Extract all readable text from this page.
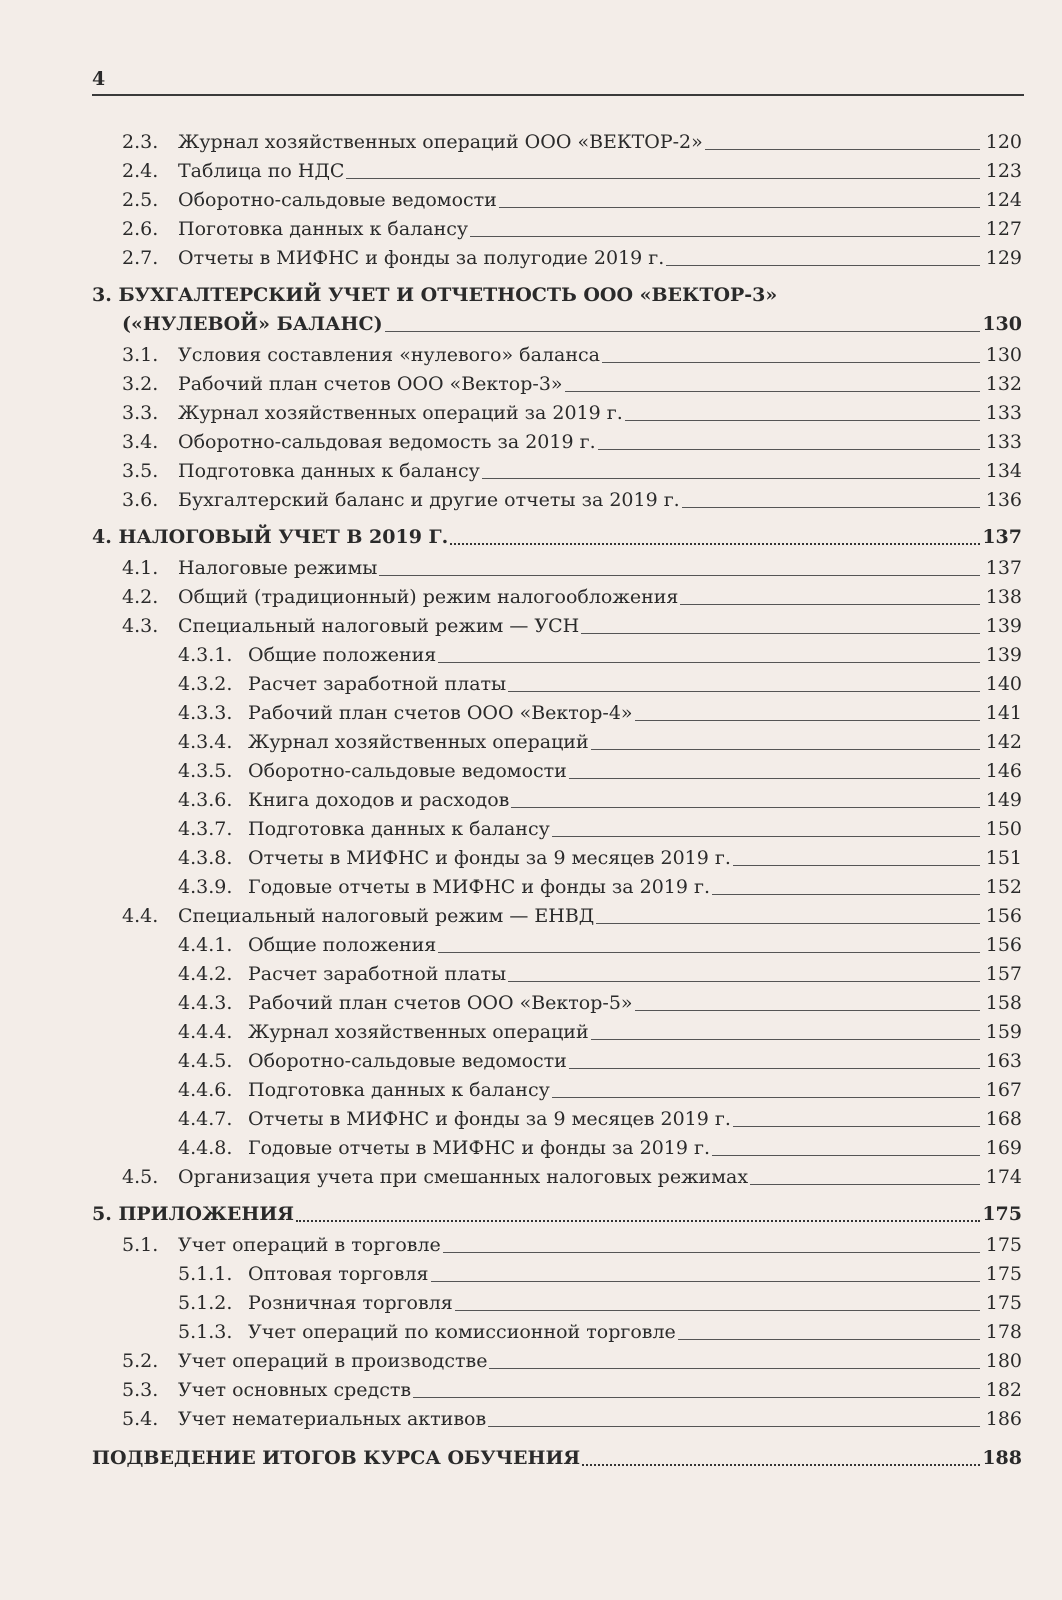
4
2.3.	Журнал хозяйственных операций ООО «ВЕКТОР-2»	120
2.4.	Таблица по НДС	123
2.5.	Оборотно-сальдовые ведомости	124
2.6.	Поготовка данных к балансу	127
2.7.	Отчеты в МИФНС и фонды за полугодие 2019 г.	129
3. БУХГАЛТЕРСКИЙ УЧЕТ И ОТЧЕТНОСТЬ ООО «ВЕКТОР-3»
(«НУЛЕВОЙ» БАЛАНС)	130
3.1.	Условия составления «нулевого» баланса	130
3.2.	Рабочий план счетов ООО «Вектор-3»	132
3.3.	Журнал хозяйственных операций за 2019 г.	133
3.4.	Оборотно-сальдовая ведомость за 2019 г.	133
3.5.	Подготовка данных к балансу	134
3.6.	Бухгалтерский баланс и другие отчеты за 2019 г.	136
4. НАЛОГОВЫЙ УЧЕТ В 2019 Г.	137
4.1.	Налоговые режимы	137
4.2.	Общий (традиционный) режим налогообложения	138
4.3.	Специальный налоговый режим — УСН	139
4.3.1. Общие положения	139
4.3.2. Расчет заработной платы	140
4.3.3. Рабочий план счетов ООО «Вектор-4»	141
4.3.4. Журнал хозяйственных операций	142
4.3.5. Оборотно-сальдовые ведомости	146
4.3.6. Книга доходов и расходов	149
4.3.7. Подготовка данных к балансу	150
4.3.8. Отчеты в МИФНС и фонды за 9 месяцев 2019 г.	151
4.3.9. Годовые отчеты в МИФНС и фонды за 2019 г.	152
4.4.	Специальный налоговый режим — ЕНВД	156
4.4.1. Общие положения	156
4.4.2. Расчет заработной платы	157
4.4.3. Рабочий план счетов ООО «Вектор-5»	158
4.4.4. Журнал хозяйственных операций	159
4.4.5. Оборотно-сальдовые ведомости	163
4.4.6. Подготовка данных к балансу	167
4.4.7. Отчеты в МИФНС и фонды за 9 месяцев 2019 г.	168
4.4.8. Годовые отчеты в МИФНС и фонды за 2019 г.	169
4.5.	Организация учета при смешанных налоговых режимах	174
5. ПРИЛОЖЕНИЯ	175
5.1.	Учет операций в торговле	175
5.1.1. Оптовая торговля	175
5.1.2. Розничная торговля	175
5.1.3. Учет операций по комиссионной торговле	178
5.2.	Учет операций в производстве	180
5.3.	Учет основных средств	182
5.4.	Учет нематериальных активов	186
ПОДВЕДЕНИЕ ИТОГОВ КУРСА ОБУЧЕНИЯ	188
